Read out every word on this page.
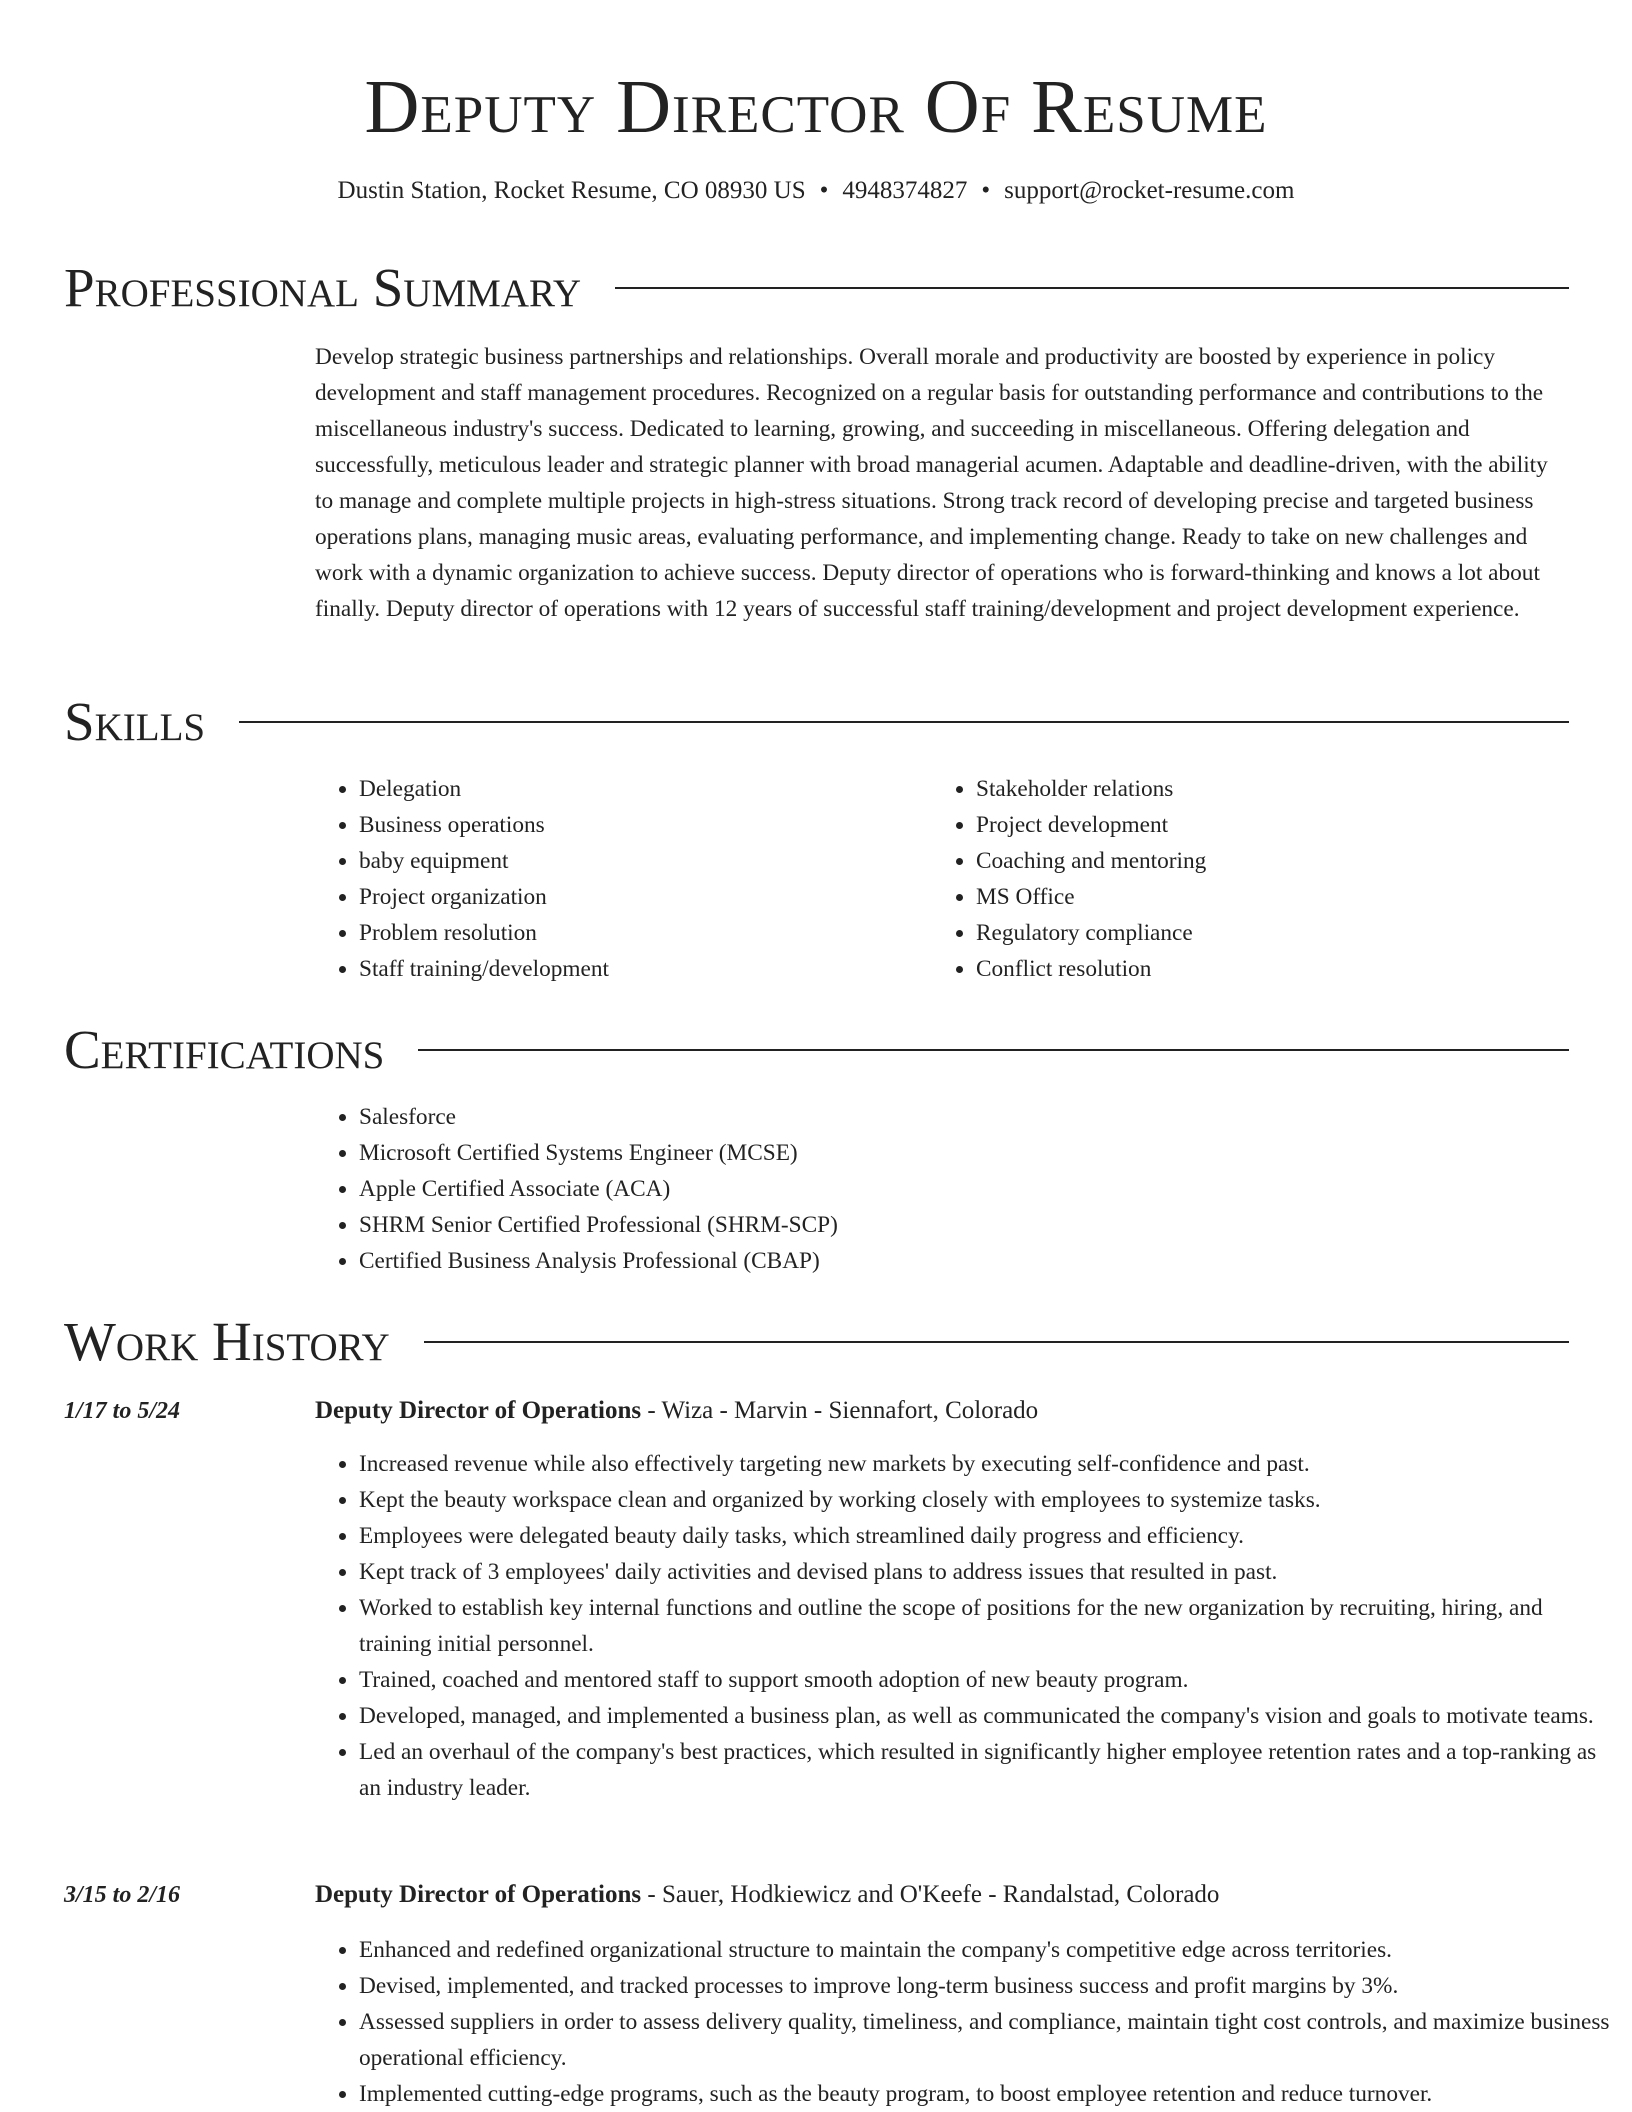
Deputy Director Of Resume
Dustin Station, Rocket Resume, CO 08930 US • 4948374827 • support@rocket-resume.com
Professional Summary

Develop strategic business partnerships and relationships. Overall morale and productivity are boosted by experience in policy development and staff management procedures. Recognized on a regular basis for outstanding performance and contributions to the miscellaneous industry's success. Dedicated to learning, growing, and succeeding in miscellaneous. Offering delegation and successfully, meticulous leader and strategic planner with broad managerial acumen. Adaptable and deadline-driven, with the ability to manage and complete multiple projects in high-stress situations. Strong track record of developing precise and targeted business operations plans, managing music areas, evaluating performance, and implementing change. Ready to take on new challenges and work with a dynamic organization to achieve success. Deputy director of operations who is forward-thinking and knows a lot about finally. Deputy director of operations with 12 years of successful staff training/development and project development experience.

Skills
• Delegation
• Business operations
• baby equipment
• Project organization
• Problem resolution
• Staff training/development
• Stakeholder relations
• Project development
• Coaching and mentoring
• MS Office
• Regulatory compliance
• Conflict resolution
Certifications
• Salesforce
• Microsoft Certified Systems Engineer (MCSE)
• Apple Certified Associate (ACA)
• SHRM Senior Certified Professional (SHRM-SCP)
• Certified Business Analysis Professional (CBAP)
Work History
1/17 to 5/24	Deputy Director of Operations - Wiza - Marvin - Siennafort, Colorado
• Increased revenue while also effectively targeting new markets by executing self-confidence and past.
• Kept the beauty workspace clean and organized by working closely with employees to systemize tasks.
• Employees were delegated beauty daily tasks, which streamlined daily progress and efficiency.
• Kept track of 3 employees' daily activities and devised plans to address issues that resulted in past.
• Worked to establish key internal functions and outline the scope of positions for the new organization by recruiting, hiring, and training initial personnel.
• Trained, coached and mentored staff to support smooth adoption of new beauty program.
• Developed, managed, and implemented a business plan, as well as communicated the company's vision and goals to motivate teams.
• Led an overhaul of the company's best practices, which resulted in significantly higher employee retention rates and a top-ranking as an industry leader.
3/15 to 2/16	Deputy Director of Operations - Sauer, Hodkiewicz and O'Keefe - Randalstad, Colorado
• Enhanced and redefined organizational structure to maintain the company's competitive edge across territories.
• Devised, implemented, and tracked processes to improve long-term business success and profit margins by 3%.
• Assessed suppliers in order to assess delivery quality, timeliness, and compliance, maintain tight cost controls, and maximize business operational efficiency.
• Implemented cutting-edge programs, such as the beauty program, to boost employee retention and reduce turnover.
